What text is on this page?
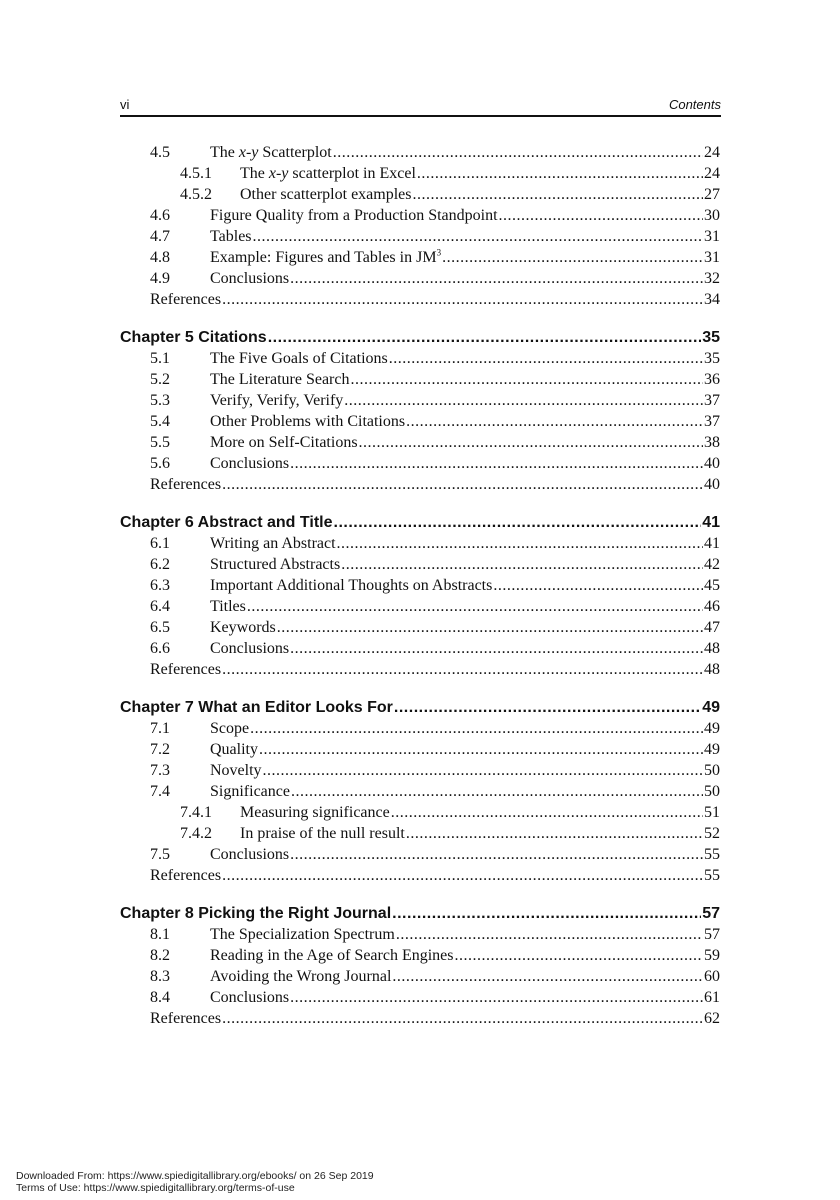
vi	Contents
4.5	The x-y Scatterplot .....	24
4.5.1	The x-y scatterplot in Excel .....	24
4.5.2	Other scatterplot examples .....	27
4.6	Figure Quality from a Production Standpoint .....	30
4.7	Tables .....	31
4.8	Example: Figures and Tables in $JM^3$ .....	31
4.9	Conclusions .....	32
References .....	34
Chapter 5 Citations .....	35
5.1	The Five Goals of Citations .....	35
5.2	The Literature Search .....	36
5.3	Verify, Verify, Verify .....	37
5.4	Other Problems with Citations .....	37
5.5	More on Self-Citations .....	38
5.6	Conclusions .....	40
References .....	40
Chapter 6 Abstract and Title .....	41
6.1	Writing an Abstract .....	41
6.2	Structured Abstracts .....	42
6.3	Important Additional Thoughts on Abstracts .....	45
6.4	Titles .....	46
6.5	Keywords .....	47
6.6	Conclusions .....	48
References .....	48
Chapter 7 What an Editor Looks For .....	49
7.1	Scope .....	49
7.2	Quality .....	49
7.3	Novelty .....	50
7.4	Significance .....	50
7.4.1	Measuring significance .....	51
7.4.2	In praise of the null result .....	52
7.5	Conclusions .....	55
References .....	55
Chapter 8 Picking the Right Journal .....	57
8.1	The Specialization Spectrum .....	57
8.2	Reading in the Age of Search Engines .....	59
8.3	Avoiding the Wrong Journal .....	60
8.4	Conclusions .....	61
References .....	62
Downloaded From: https://www.spiedigitallibrary.org/ebooks/ on 26 Sep 2019
Terms of Use: https://www.spiedigitallibrary.org/terms-of-use
